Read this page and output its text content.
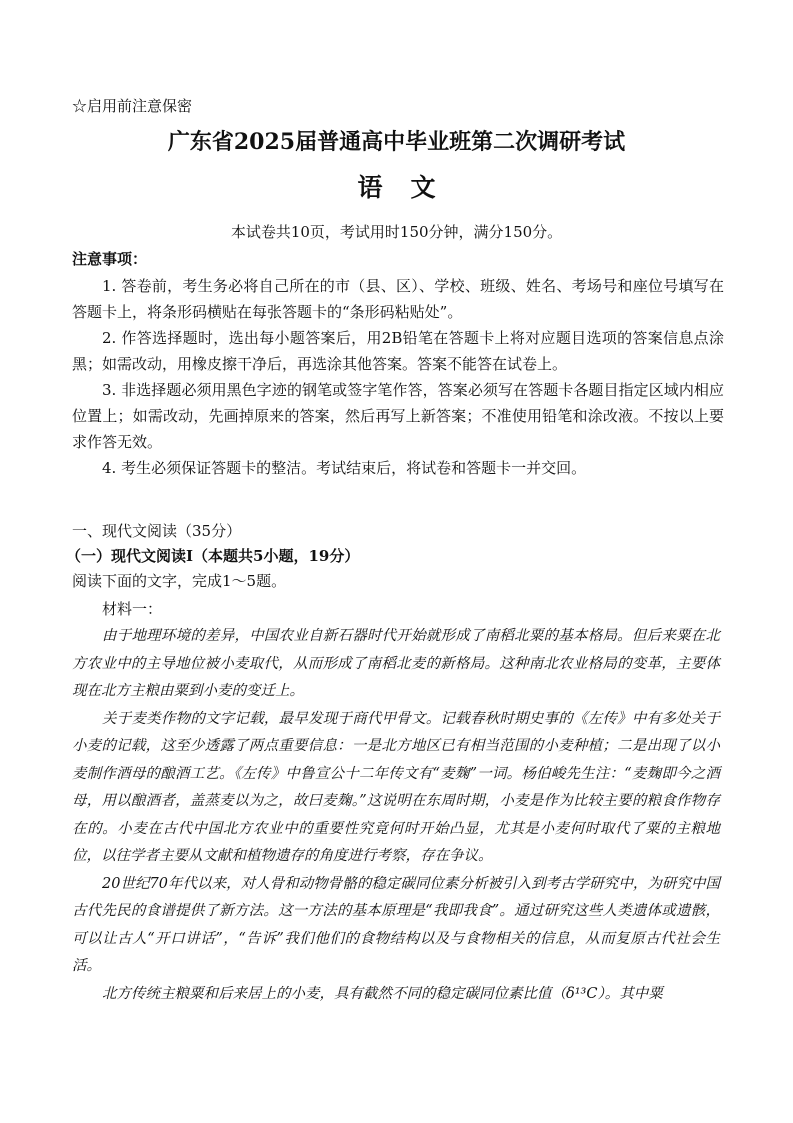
☆启用前注意保密
广东省2025届普通高中毕业班第二次调研考试
语文
本试卷共10页，考试用时150分钟，满分150分。
注意事项：
1. 答卷前，考生务必将自己所在的市（县、区）、学校、班级、姓名、考场号和座位号填写在答题卡上，将条形码横贴在每张答题卡的“条形码粘贴处”。
2. 作答选择题时，选出每小题答案后，用2B铅笔在答题卡上将对应题目选项的答案信息点涂黑；如需改动，用橡皮擦干净后，再选涂其他答案。答案不能答在试卷上。
3. 非选择题必须用黑色字迹的钢笔或签字笔作答，答案必须写在答题卡各题目指定区域内相应位置上；如需改动，先画掉原来的答案，然后再写上新答案；不准使用铅笔和涂改液。不按以上要求作答无效。
4. 考生必须保证答题卡的整洁。考试结束后，将试卷和答题卡一并交回。
一、现代文阅读（35分）
（一）现代文阅读Ⅰ（本题共5小题，19分）
阅读下面的文字，完成1～5题。
材料一：

由于地理环境的差异，中国农业自新石器时代开始就形成了南稻北粟的基本格局。但后来粟在北方农业中的主导地位被小麦取代，从而形成了南稻北麦的新格局。这种南北农业格局的变革，主要体现在北方主粮由粟到小麦的变迁上。

关于麦类作物的文字记载，最早发现于商代甲骨文。记载春秋时期史事的《左传》中有多处关于小麦的记载，这至少透露了两点重要信息：一是北方地区已有相当范围的小麦种植；二是出现了以小麦制作酒母的酿酒工艺。《左传》中鲁宣公十二年传文有“麦麹”一词。杨伯峻先生注：“麦麹即今之酒母，用以酿酒者，盖蒸麦以为之，故曰麦麹。”这说明在东周时期，小麦是作为比较主要的粮食作物存在的。小麦在古代中国北方农业中的重要性究竟何时开始凸显，尤其是小麦何时取代了粟的主粮地位，以往学者主要从文献和植物遗存的角度进行考察，存在争议。

20世纪70年代以来，对人骨和动物骨骼的稳定碳同位素分析被引入到考古学研究中，为研究中国古代先民的食谱提供了新方法。这一方法的基本原理是“我即我食”。通过研究这些人类遗体或遗骸，可以让古人“开口讲话”，“告诉”我们他们的食物结构以及与食物相关的信息，从而复原古代社会生活。

北方传统主粮粟和后来居上的小麦，具有截然不同的稳定碳同位素比值（δ¹³C）。其中粟
